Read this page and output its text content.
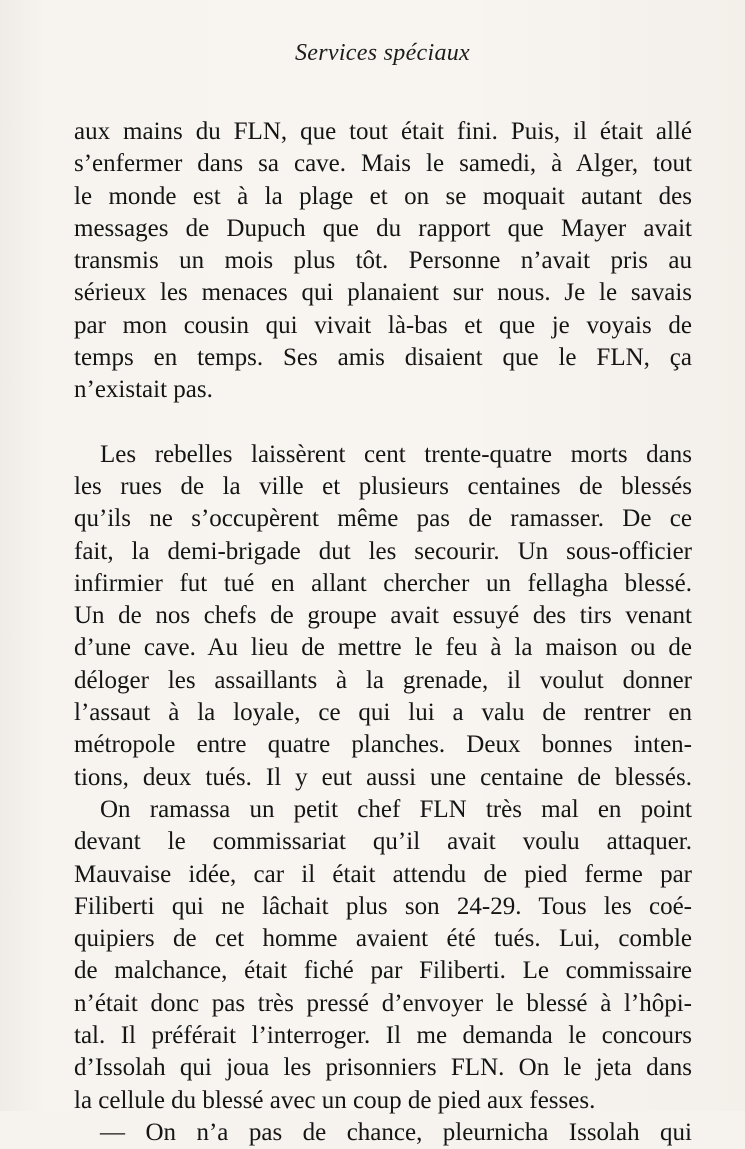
Services spéciaux
aux mains du FLN, que tout était fini. Puis, il était allé
s’enfermer dans sa cave. Mais le samedi, à Alger, tout
le monde est à la plage et on se moquait autant des
messages de Dupuch que du rapport que Mayer avait
transmis un mois plus tôt. Personne n’avait pris au
sérieux les menaces qui planaient sur nous. Je le savais
par mon cousin qui vivait là-bas et que je voyais de
temps en temps. Ses amis disaient que le FLN, ça
n’existait pas.
Les rebelles laissèrent cent trente-quatre morts dans
les rues de la ville et plusieurs centaines de blessés
qu’ils ne s’occupèrent même pas de ramasser. De ce
fait, la demi-brigade dut les secourir. Un sous-officier
infirmier fut tué en allant chercher un fellagha blessé.
Un de nos chefs de groupe avait essuyé des tirs venant
d’une cave. Au lieu de mettre le feu à la maison ou de
déloger les assaillants à la grenade, il voulut donner
l’assaut à la loyale, ce qui lui a valu de rentrer en
métropole entre quatre planches. Deux bonnes inten-
tions, deux tués. Il y eut aussi une centaine de blessés.
On ramassa un petit chef FLN très mal en point
devant le commissariat qu’il avait voulu attaquer.
Mauvaise idée, car il était attendu de pied ferme par
Filiberti qui ne lâchait plus son 24-29. Tous les coé-
quipiers de cet homme avaient été tués. Lui, comble
de malchance, était fiché par Filiberti. Le commissaire
n’était donc pas très pressé d’envoyer le blessé à l’hôpi-
tal. Il préférait l’interroger. Il me demanda le concours
d’Issolah qui joua les prisonniers FLN. On le jeta dans
la cellule du blessé avec un coup de pied aux fesses.
— On n’a pas de chance, pleurnicha Issolah qui
